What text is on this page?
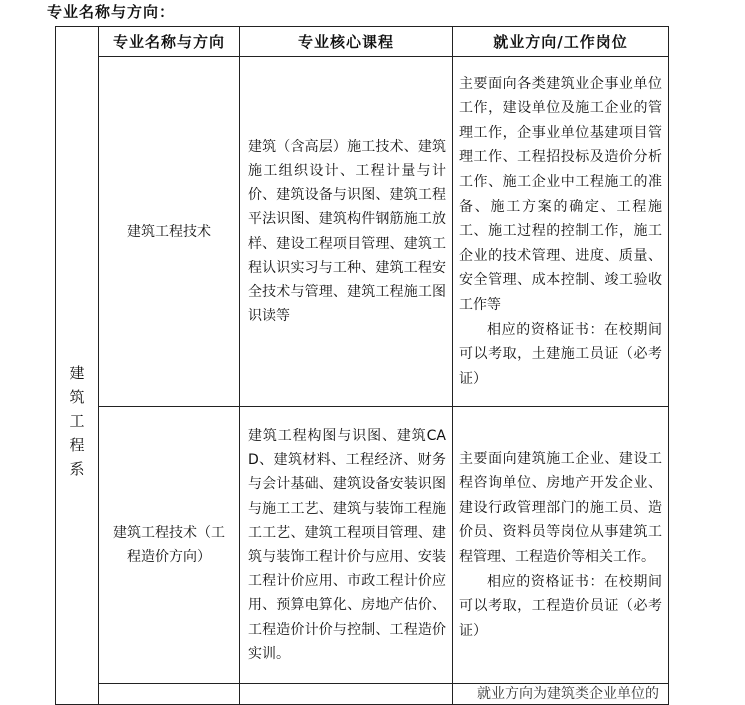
专业名称与方向：
建筑工程系	专业名称与方向	专业核心课程	就业方向/工作岗位
	建筑工程技术	建筑（含高层）施工技术、建筑施工组织设计、工程计量与计价、建筑设备与识图、建筑工程平法识图、建筑构件钢筋施工放样、建设工程项目管理、建筑工程认识实习与工种、建筑工程安全技术与管理、建筑工程施工图识读等	主要面向各类建筑业企事业单位工作，建设单位及施工企业的管理工作，企事业单位基建项目管理工作、工程招投标及造价分析工作、施工企业中工程施工的准备、施工方案的确定、工程施工、施工过程的控制工作，施工企业的技术管理、进度、质量、安全管理、成本控制、竣工验收工作等

相应的资格证书：在校期间可以考取，土建施工员证（必考证）

	建筑工程技术（工程造价方向）	建筑工程构图与识图、建筑CAD、建筑材料、工程经济、财务与会计基础、建筑设备安装识图与施工工艺、建筑与装饰工程施工工艺、建筑工程项目管理、建筑与装饰工程计价与应用、安装工程计价应用、市政工程计价应用、预算电算化、房地产估价、工程造价计价与控制、工程造价实训。	主要面向建筑施工企业、建设工程咨询单位、房地产开发企业、建设行政管理部门的施工员、造价员、资料员等岗位从事建筑工程管理、工程造价等相关工作。

相应的资格证书：在校期间可以考取，工程造价员证（必考证）

			就业方向为建筑类企业单位的
